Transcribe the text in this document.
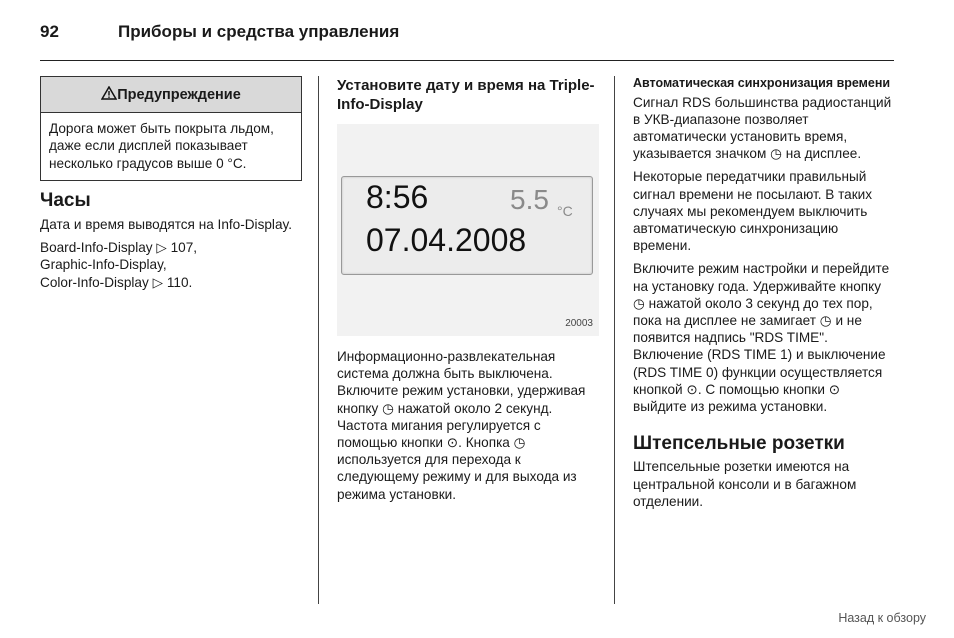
92	Приборы и средства управления
Предупреждение
Дорога может быть покрыта льдом, даже если дисплей показывает несколько градусов выше 0 °C.
Часы

Дата и время выводятся на Info-Display.

Board-Info-Display ▷ 107,
Graphic-Info-Display,
Color-Info-Display ▷ 110.

Установите дату и время на Triple-Info-Display
8:56	5.5 °C
07.04.2008
20003

Информационно-развлекательная система должна быть выключена. Включите режим установки, удерживая кнопку ◷ нажатой около 2 секунд. Частота мигания регулируется с помощью кнопки ⊙. Кнопка ◷ используется для перехода к следующему режиму и для выхода из режима установки.

Автоматическая синхронизация времени

Сигнал RDS большинства радиостанций в УКВ-диапазоне позволяет автоматически установить время, указывается значком ◷ на дисплее.

Некоторые передатчики правильный сигнал времени не посылают. В таких случаях мы рекомендуем выключить автоматическую синхронизацию времени.

Включите режим настройки и перейдите на установку года. Удерживайте кнопку ◷ нажатой около 3 секунд до тех пор, пока на дисплее не замигает ◷ и не появится надпись "RDS TIME". Включение (RDS TIME 1) и выключение (RDS TIME 0) функции осуществляется кнопкой ⊙. С помощью кнопки ⊙ выйдите из режима установки.

Штепсельные розетки

Штепсельные розетки имеются на центральной консоли и в багажном отделении.

Назад к обзору
